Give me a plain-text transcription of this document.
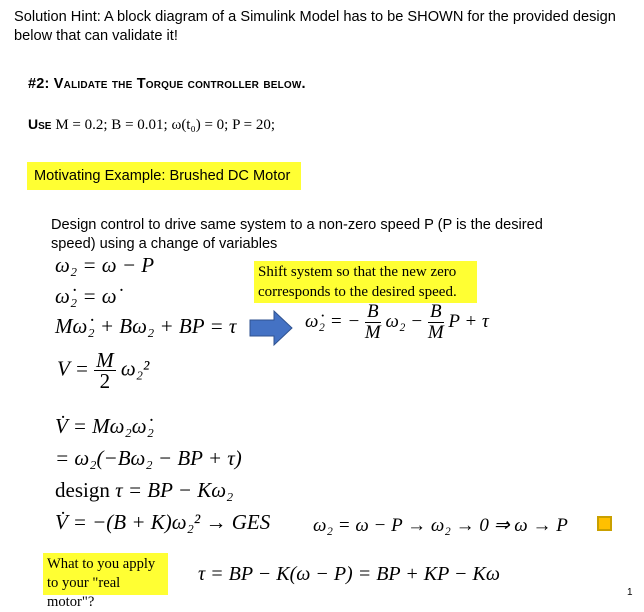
Solution Hint: A block diagram of a Simulink Model has to be SHOWN for the provided design below that can validate it!
#2: Validate the Torque controller below.
Use M = 0.2; B = 0.01; ω(t₀) = 0; P = 20;
Motivating Example: Brushed DC Motor
Design control to drive same system to a non-zero speed P (P is the desired speed) using a change of variables
ω₂ = ω − P
ω̇₂ = ω̇
Mω̇₂ + Bω₂ + BP = τ
Shift system so that the new zero corresponds to the desired speed.
ω̇₂ = − $\frac{B}{M} \omega_2 - \frac{B}{M}$ P + τ
$V = \frac{M}{2} \omega_2^2$
V̇ = Mω₂ω̇₂
= ω₂(−Bω₂ − BP + τ)
design τ = BP − Kω₂
V̇ = −(B + K)ω₂² → GES ω₂ = ω − P → ω₂ → 0 ⇒ ω → P
What to you apply to your "real motor"?
τ = BP − K(ω − P) = BP + KP − Kω
1
